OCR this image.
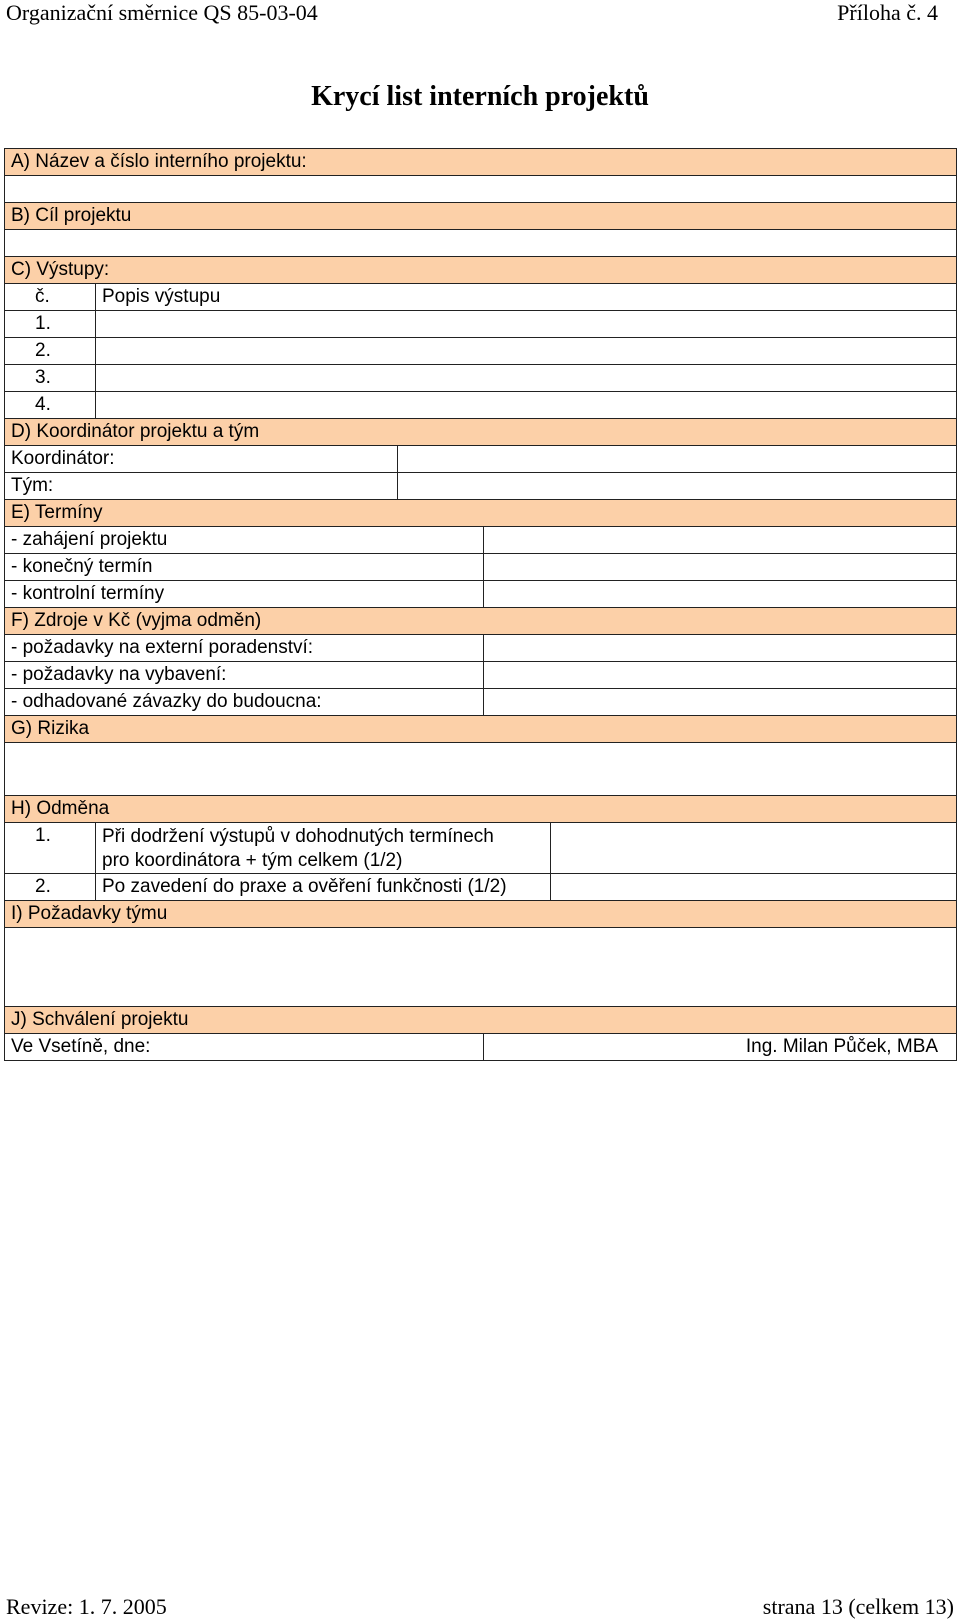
Organizační směrnice QS 85-03-04	Příloha č. 4
Krycí list interních projektů
A) Název a číslo interního projektu:				

B) Cíl projektu				

C) Výstupy:				
č.	Popis výstupu			
1.				
2.				
3.				
4.				
D) Koordinátor projektu a tým				
Koordinátor:				
Tým:				
E) Termíny				
- zahájení projektu				
- konečný termín				
- kontrolní termíny				
F) Zdroje v Kč (vyjma odměn)				
- požadavky na externí poradenství:				
- požadavky na vybavení:				
- odhadované závazky do budoucna:				
G) Rizika				

H) Odměna				
1.	Při dodržení výstupů v dohodnutých termínech
pro koordinátora + tým celkem (1/2)			

2.	Po zavedení do praxe a ověření funkčnosti (1/2)			
I) Požadavky týmu				

J) Schválení projektu				
Ve Vsetíně, dne:			Ing. Milan Půček, MBA	
Revize: 1. 7. 2005	strana 13 (celkem 13)
